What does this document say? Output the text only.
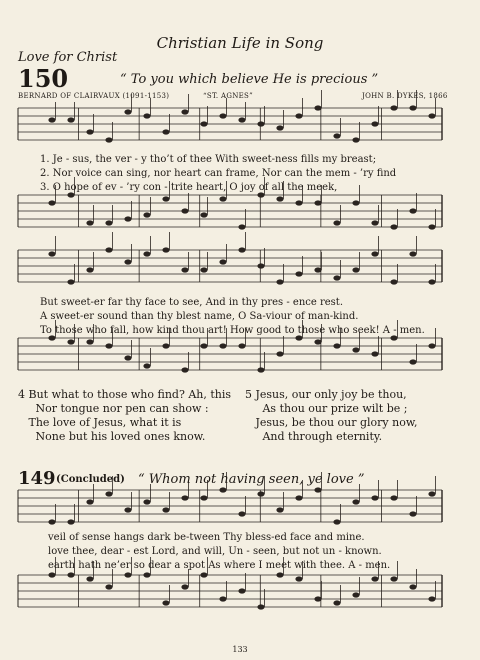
Christian Life in Song
Love for Christ
150	“ To you which believe He is precious ”
BERNARD OF CLAIRVAUX (1091-1153)	“ST. AGNES”	JOHN B. DYKES, 1866
1. Je - sus, the ver - y tho’t of thee With sweet-ness fills my breast;
2. Nor voice can sing, nor heart can frame, Nor can the mem - ’ry find
3. O hope of ev - ’ry con - trite heart, O joy of all the meek,
But sweet-er far thy face to see, And in thy pres - ence rest.
A sweet-er sound than thy blest name, O Sa-viour of man-kind.
To those who fall, how kind thou art! How good to those who seek! A - men.
4 But what to those who find? Ah, this
Nor tongue nor pen can show :
The love of Jesus, what it is
None but his loved ones know.
5 Jesus, our only joy be thou,
As thou our prize wilt be ;
Jesus, be thou our glory now,
And through eternity.
149 (Concluded) “ Whom not having seen, ye love ”
veil of sense hangs dark be-tween Thy bless-ed face and mine.
love thee, dear - est Lord, and will, Un - seen, but not un - known.
earth hath ne’er so dear a spot As where I meet with thee. A - men.
133
